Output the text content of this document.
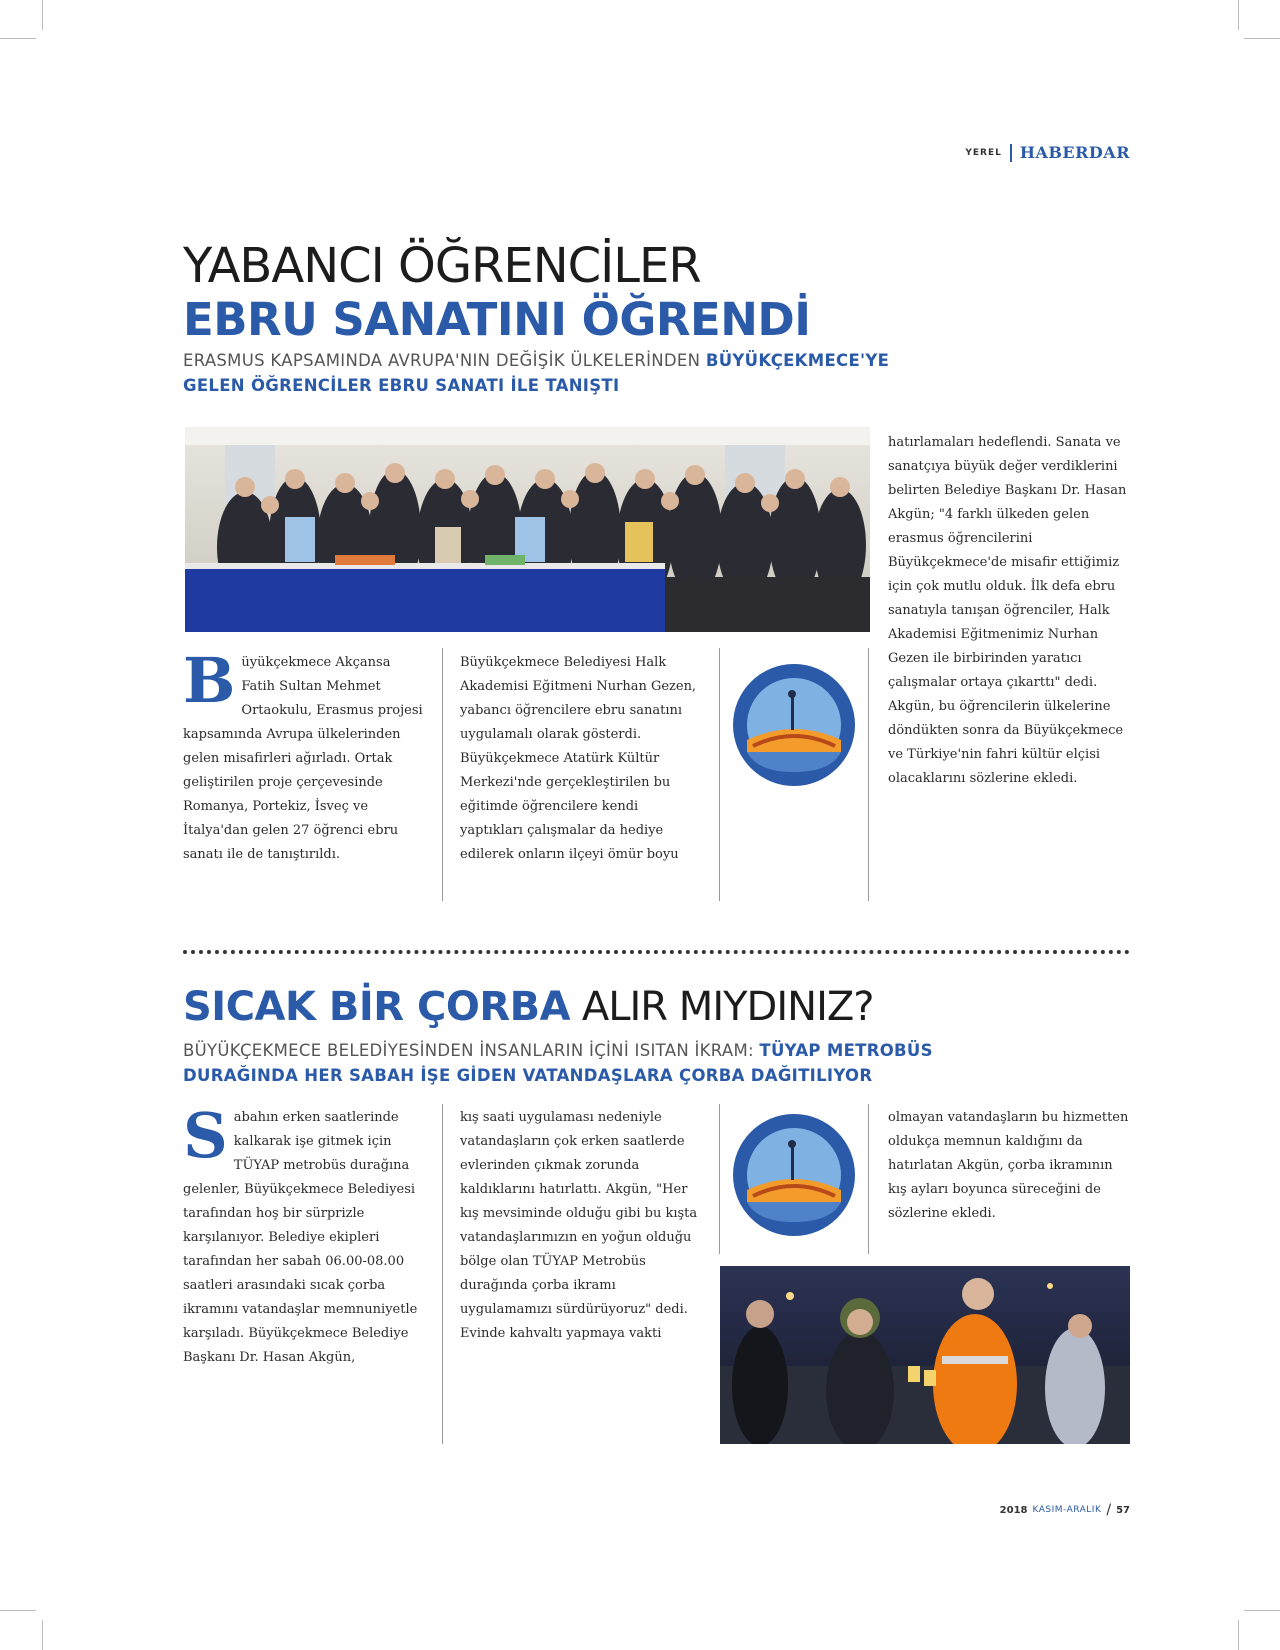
YEREL HABERDAR
YABANCI ÖĞRENCİLER
EBRU SANATINI ÖĞRENDİ
ERASMUS KAPSAMINDA AVRUPA'NIN DEĞİŞİK ÜLKELERİNDEN BÜYÜKÇEKMECE'YE
GELEN ÖĞRENCİLER EBRU SANATI İLE TANIŞTI
B üyükçekmece Akçansa Fatih Sultan Mehmet Ortaokulu, Erasmus projesi kapsamında Avrupa ülkelerinden gelen misafirleri ağırladı. Ortak geliştirilen proje çerçevesinde Romanya, Portekiz, İsveç ve İtalya'dan gelen 27 öğrenci ebru sanatı ile de tanıştırıldı.

Büyükçekmece Belediyesi Halk Akademisi Eğitmeni Nurhan Gezen, yabancı öğrencilere ebru sanatını uygulamalı olarak gösterdi. Büyükçekmece Atatürk Kültür Merkezi'nde gerçekleştirilen bu eğitimde öğrencilere kendi yaptıkları çalışmalar da hediye edilerek onların ilçeyi ömür boyu

hatırlamaları hedeflendi. Sanata ve sanatçıya büyük değer verdiklerini belirten Belediye Başkanı Dr. Hasan Akgün; "4 farklı ülkeden gelen erasmus öğrencilerini Büyükçekmece'de misafir ettiğimiz için çok mutlu olduk. İlk defa ebru sanatıyla tanışan öğrenciler, Halk Akademisi Eğitmenimiz Nurhan Gezen ile birbirinden yaratıcı çalışmalar ortaya çıkarttı" dedi. Akgün, bu öğrencilerin ülkelerine döndükten sonra da Büyükçekmece ve Türkiye'nin fahri kültür elçisi olacaklarını sözlerine ekledi.

SICAK BİR ÇORBA ALIR MIYDINIZ?
BÜYÜKÇEKMECE BELEDİYESİNDEN İNSANLARIN İÇİNİ ISITAN İKRAM: TÜYAP METROBÜS
DURAĞINDA HER SABAH İŞE GİDEN VATANDAŞLARA ÇORBA DAĞITILIYOR
S abahın erken saatlerinde kalkarak işe gitmek için TÜYAP metrobüs durağına gelenler, Büyükçekmece Belediyesi tarafından hoş bir sürprizle karşılanıyor. Belediye ekipleri tarafından her sabah 06.00-08.00 saatleri arasındaki sıcak çorba ikramını vatandaşlar memnuniyetle karşıladı. Büyükçekmece Belediye Başkanı Dr. Hasan Akgün,

kış saati uygulaması nedeniyle vatandaşların çok erken saatlerde evlerinden çıkmak zorunda kaldıklarını hatırlattı. Akgün, "Her kış mevsiminde olduğu gibi bu kışta vatandaşlarımızın en yoğun olduğu bölge olan TÜYAP Metrobüs durağında çorba ikramı uygulamamızı sürdürüyoruz" dedi. Evinde kahvaltı yapmaya vakti

olmayan vatandaşların bu hizmetten oldukça memnun kaldığını da hatırlatan Akgün, çorba ikramının kış ayları boyunca süreceğini de sözlerine ekledi.

2018 KASIM-ARALIK / 57
